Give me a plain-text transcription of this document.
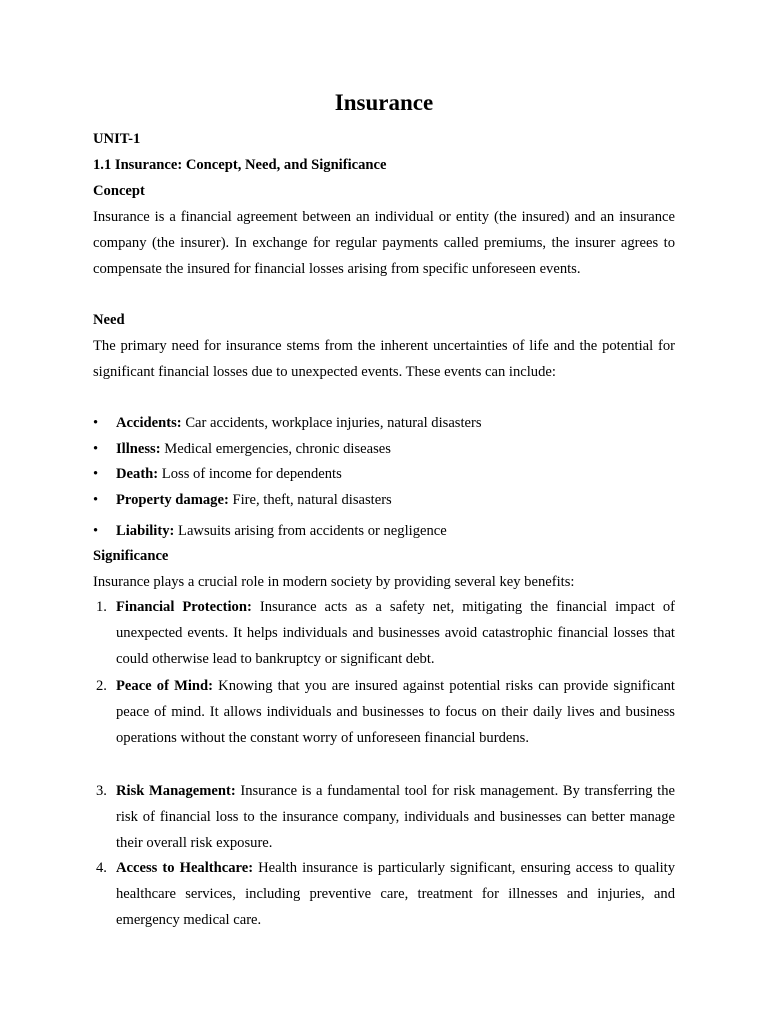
Insurance
UNIT-1
1.1 Insurance: Concept, Need, and Significance
Concept
Insurance is a financial agreement between an individual or entity (the insured) and an insurance company (the insurer). In exchange for regular payments called premiums, the insurer agrees to compensate the insured for financial losses arising from specific unforeseen events.
Need
The primary need for insurance stems from the inherent uncertainties of life and the potential for significant financial losses due to unexpected events. These events can include:
• Accidents: Car accidents, workplace injuries, natural disasters
• Illness: Medical emergencies, chronic diseases
• Death: Loss of income for dependents
• Property damage: Fire, theft, natural disasters
• Liability: Lawsuits arising from accidents or negligence
Significance
Insurance plays a crucial role in modern society by providing several key benefits:
1. Financial Protection: Insurance acts as a safety net, mitigating the financial impact of unexpected events. It helps individuals and businesses avoid catastrophic financial losses that could otherwise lead to bankruptcy or significant debt.
2. Peace of Mind: Knowing that you are insured against potential risks can provide significant peace of mind. It allows individuals and businesses to focus on their daily lives and business operations without the constant worry of unforeseen financial burdens.
3. Risk Management: Insurance is a fundamental tool for risk management. By transferring the risk of financial loss to the insurance company, individuals and businesses can better manage their overall risk exposure.
4. Access to Healthcare: Health insurance is particularly significant, ensuring access to quality healthcare services, including preventive care, treatment for illnesses and injuries, and emergency medical care.
